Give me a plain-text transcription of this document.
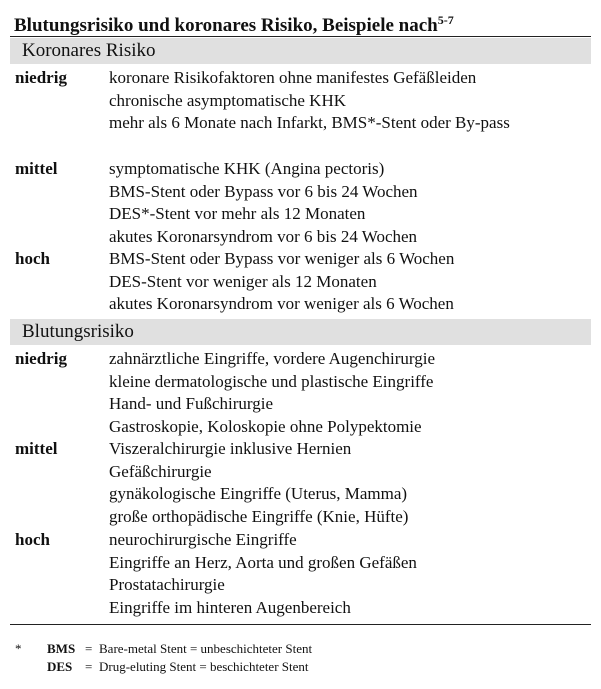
Blutungsrisiko und koronares Risiko, Beispiele nach$^{5-7}$
Koronares Risiko
niedrig koronare Risikofaktoren ohne manifestes Gefäßleiden
chronische asymptomatische KHK
mehr als 6 Monate nach Infarkt, BMS*-Stent oder By-pass
mittel	symptomatische KHK (Angina pectoris)
BMS-Stent oder Bypass vor 6 bis 24 Wochen
DES*-Stent vor mehr als 12 Monaten
akutes Koronarsyndrom vor 6 bis 24 Wochen
hoch	BMS-Stent oder Bypass vor weniger als 6 Wochen
DES-Stent vor weniger als 12 Monaten
akutes Koronarsyndrom vor weniger als 6 Wochen
Blutungsrisiko
niedrig zahnärztliche Eingriffe, vordere Augenchirurgie
kleine dermatologische und plastische Eingriffe
Hand- und Fußchirurgie
Gastroskopie, Koloskopie ohne Polypektomie
mittel	Viszeralchirurgie inklusive Hernien
Gefäßchirurgie
gynäkologische Eingriffe (Uterus, Mamma)
große orthopädische Eingriffe (Knie, Hüfte)
hoch	neurochirurgische Eingriffe
Eingriffe an Herz, Aorta und großen Gefäßen
Prostatachirurgie
Eingriffe im hinteren Augenbereich
* BMS = Bare-metal Stent = unbeschichteter Stent
DES = Drug-eluting Stent = beschichteter Stent
